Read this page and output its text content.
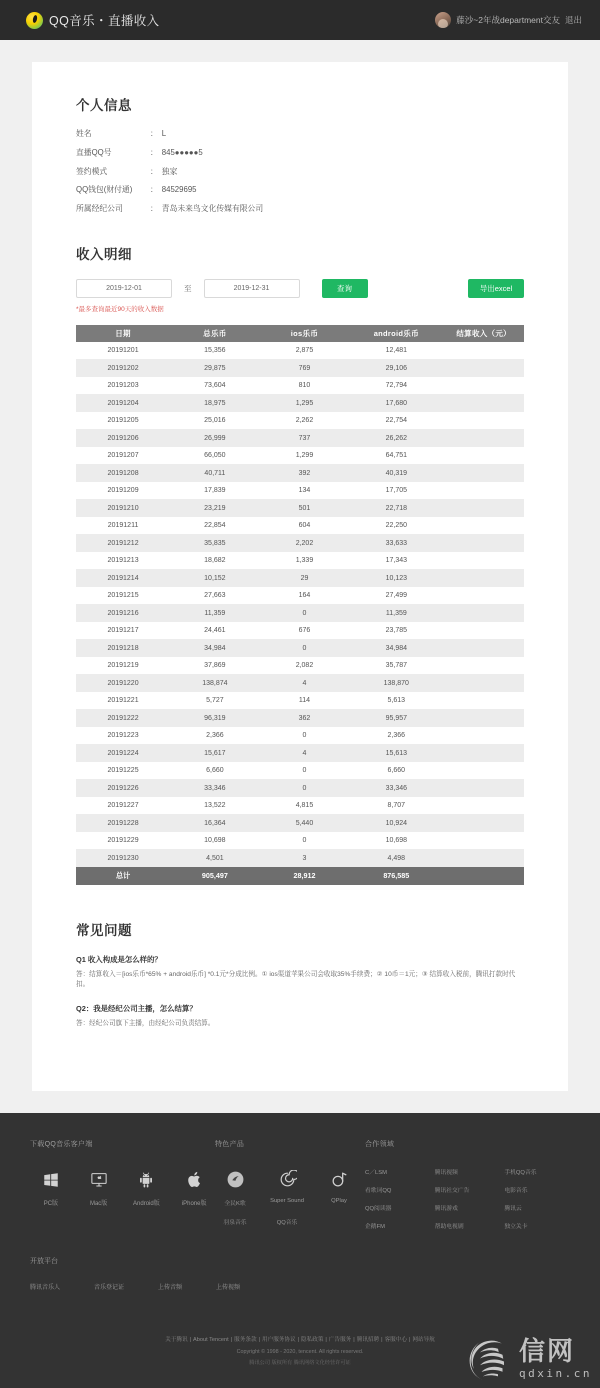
QQ音乐・直播收入	藤沙~2年战department交友 退出
个人信息
姓名	： L
直播QQ号	： 845●●●●●5
签约模式	： 独家
QQ钱包(财付通)	： 84529695
所属经纪公司	： 青岛未来鸟文化传媒有限公司
收入明细
2019-12-01	至	2019-12-31	查询	导出excel
*最多查询最近90天的收入数据
日期	总乐币	ios乐币	android乐币	结算收入（元）
20191201	15,356	2,875	12,481	
20191202	29,875	769	29,106	
20191203	73,604	810	72,794	
20191204	18,975	1,295	17,680	
20191205	25,016	2,262	22,754	
20191206	26,999	737	26,262	
20191207	66,050	1,299	64,751	
20191208	40,711	392	40,319	
20191209	17,839	134	17,705	
20191210	23,219	501	22,718	
20191211	22,854	604	22,250	
20191212	35,835	2,202	33,633	
20191213	18,682	1,339	17,343	
20191214	10,152	29	10,123	
20191215	27,663	164	27,499	
20191216	11,359	0	11,359	
20191217	24,461	676	23,785	
20191218	34,984	0	34,984	
20191219	37,869	2,082	35,787	
20191220	138,874	4	138,870	
20191221	5,727	114	5,613	
20191222	96,319	362	95,957	
20191223	2,366	0	2,366	
20191224	15,617	4	15,613	
20191225	6,660	0	6,660	
20191226	33,346	0	33,346	
20191227	13,522	4,815	8,707	
20191228	16,364	5,440	10,924	
20191229	10,698	0	10,698	
20191230	4,501	3	4,498	
总计	905,497	28,912	876,585	
常见问题

Q1 收入构成是怎么样的？

答：结算收入＝[ios乐币*65% + android乐币] *0.1元*分成比例。① ios渠道苹果公司会收取35%手续费；② 10币＝1元；③ 结算收入税前，腾讯打款时代扣。

Q2：我是经纪公司主播，怎么结算？

答：经纪公司旗下主播，由经纪公司负责结算。

下载QQ音乐客户端
PC版	Mac版	Android版	iPhone版
特色产品
全民K歌	Super Sound	QPlay
羽泉音乐	QQ音乐
合作领域
C／LSM	腾讯视频	手机QQ音乐
看歌词QQ	腾讯社交广告	电影音乐
QQ阅读器	腾讯游戏	腾讯云
企鹅FM	帮助电视剧	独立关卡
开放平台
腾讯音乐人	音乐登记证	上传音频	上传视频
关于腾讯 | About Tencent | 服务条款 | 用户服务协议 | 隐私政策 | 广告服务 | 腾讯招聘 | 客服中心 | 网站导航
Copyright © 1998 - 2020, tencent. All rights reserved.
腾讯公司 版权所有 腾讯网络文化经营许可证	信网
qdxin.cn
